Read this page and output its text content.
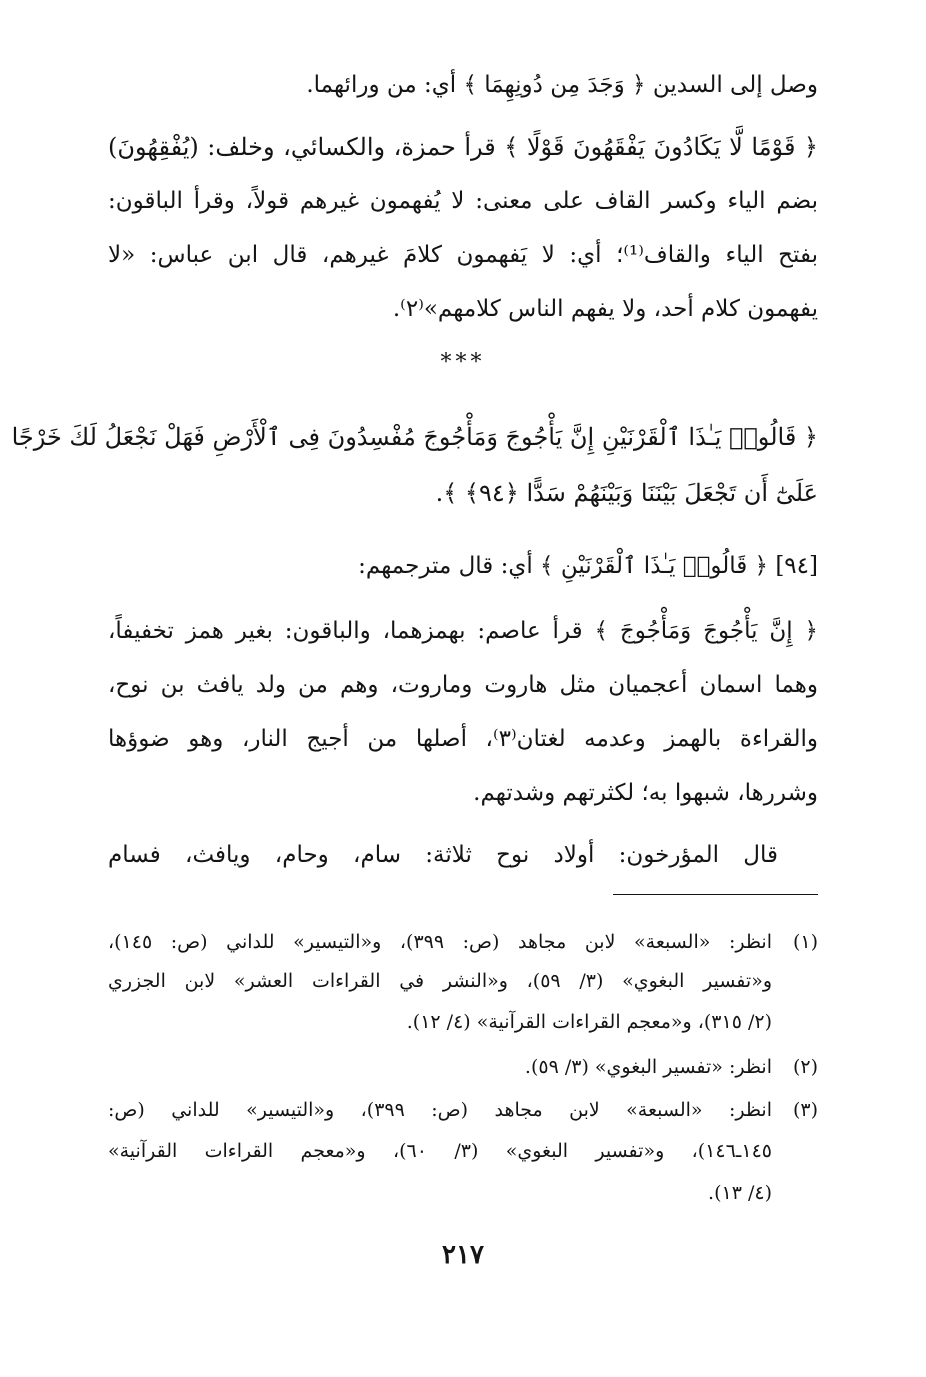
وصل إلى السدين ﴿ وَجَدَ مِن دُونِهِمَا ﴾ أي: من ورائهما.

﴿ قَوْمًا لَّا يَكَادُونَ يَفْقَهُونَ قَوْلًا ﴾ قرأ حمزة، والكسائي، وخلف: (يُفْقِهُونَ)

بضم الياء وكسر القاف على معنى: لا يُفهمون غيرهم قولاً، وقرأ الباقون:

بفتح الياء والقاف⁽¹⁾؛ أي: لا يَفهمون كلامَ غيرهم، قال ابن عباس: «لا

يفهمون كلام أحد، ولا يفهم الناس كلامهم»⁽٢⁾.

***

﴿ قَالُوا۟ يَـٰذَا ٱلْقَرْنَيْنِ إِنَّ يَأْجُوجَ وَمَأْجُوجَ مُفْسِدُونَ فِى ٱلْأَرْضِ فَهَلْ نَجْعَلُ لَكَ خَرْجًا

عَلَىٰٓ أَن تَجْعَلَ بَيْنَنَا وَبَيْنَهُمْ سَدًّا ﴿٩٤﴾ ﴾.

[٩٤] ﴿ قَالُوا۟ يَـٰذَا ٱلْقَرْنَيْنِ ﴾ أي: قال مترجمهم:

﴿ إِنَّ يَأْجُوجَ وَمَأْجُوجَ ﴾ قرأ عاصم: بهمزهما، والباقون: بغير همز تخفيفاً،

وهما اسمان أعجميان مثل هاروت وماروت، وهم من ولد يافث بن نوح،

والقراءة بالهمز وعدمه لغتان⁽٣⁾، أصلها من أجيج النار، وهو ضوؤها

وشررها، شبهوا به؛ لكثرتهم وشدتهم.

قال المؤرخون: أولاد نوح ثلاثة: سام، وحام، ويافث، فسام

(١)
انظر: «السبعة» لابن مجاهد (ص: ٣٩٩)، و«التيسير» للداني (ص: ١٤٥)،
و«تفسير البغوي» (٣/ ٥٩)، و«النشر في القراءات العشر» لابن الجزري
(٢/ ٣١٥)، و«معجم القراءات القرآنية» (٤/ ١٢).
(٢)
انظر: «تفسير البغوي» (٣/ ٥٩).
(٣)
انظر: «السبعة» لابن مجاهد (ص: ٣٩٩)، و«التيسير» للداني (ص:
١٤٥ـ١٤٦)، و«تفسير البغوي» (٣/ ٦٠)، و«معجم القراءات القرآنية»
(٤/ ١٣).
٢١٧
